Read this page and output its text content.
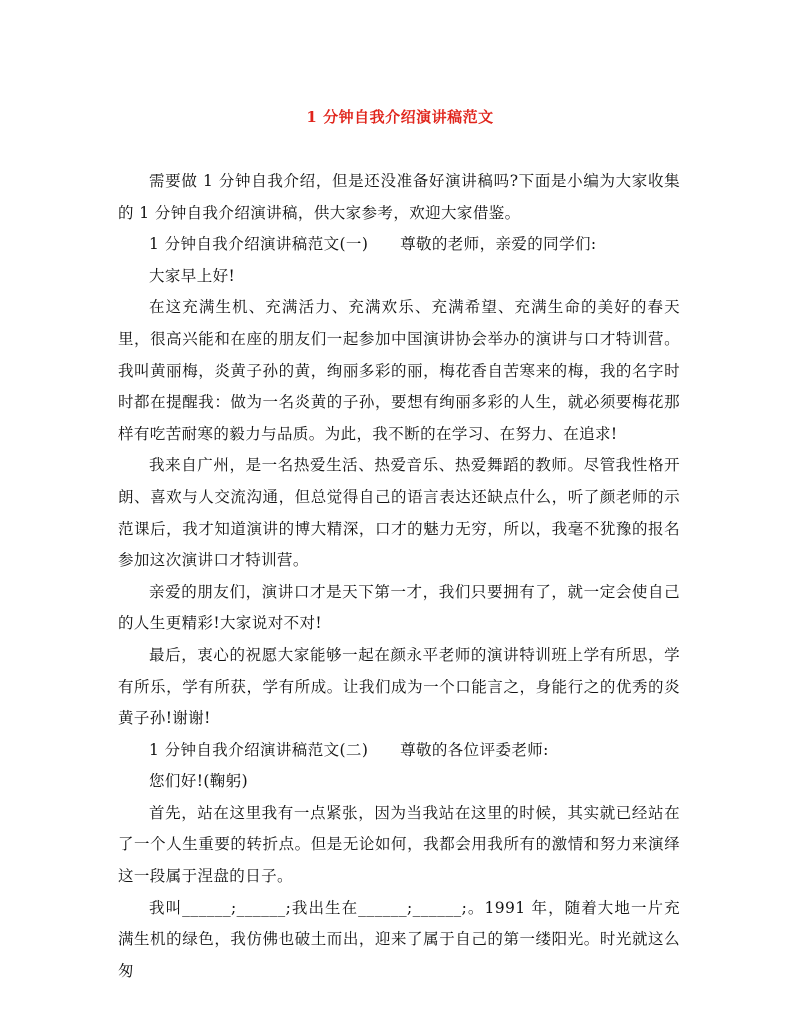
1 分钟自我介绍演讲稿范文

需要做 1 分钟自我介绍，但是还没准备好演讲稿吗?下面是小编为大家收集的 1 分钟自我介绍演讲稿，供大家参考，欢迎大家借鉴。

1 分钟自我介绍演讲稿范文(一)　　尊敬的老师，亲爱的同学们:

大家早上好!

在这充满生机、充满活力、充满欢乐、充满希望、充满生命的美好的春天里，很高兴能和在座的朋友们一起参加中国演讲协会举办的演讲与口才特训营。我叫黄丽梅，炎黄子孙的黄，绚丽多彩的丽，梅花香自苦寒来的梅，我的名字时时都在提醒我：做为一名炎黄的子孙，要想有绚丽多彩的人生，就必须要梅花那样有吃苦耐寒的毅力与品质。为此，我不断的在学习、在努力、在追求!

我来自广州，是一名热爱生活、热爱音乐、热爱舞蹈的教师。尽管我性格开朗、喜欢与人交流沟通，但总觉得自己的语言表达还缺点什么，听了颜老师的示范课后，我才知道演讲的博大精深，口才的魅力无穷，所以，我毫不犹豫的报名参加这次演讲口才特训营。

亲爱的朋友们，演讲口才是天下第一才，我们只要拥有了，就一定会使自己的人生更精彩!大家说对不对!

最后，衷心的祝愿大家能够一起在颜永平老师的演讲特训班上学有所思，学有所乐，学有所获，学有所成。让我们成为一个口能言之，身能行之的优秀的炎黄子孙!谢谢!

1 分钟自我介绍演讲稿范文(二)　　尊敬的各位评委老师:

您们好!(鞠躬)

首先，站在这里我有一点紧张，因为当我站在这里的时候，其实就已经站在了一个人生重要的转折点。但是无论如何，我都会用我所有的激情和努力来演绎这一段属于涅盘的日子。

我叫______;______;我出生在______;______;。1991 年，随着大地一片充满生机的绿色，我仿佛也破土而出，迎来了属于自己的第一缕阳光。时光就这么匆
